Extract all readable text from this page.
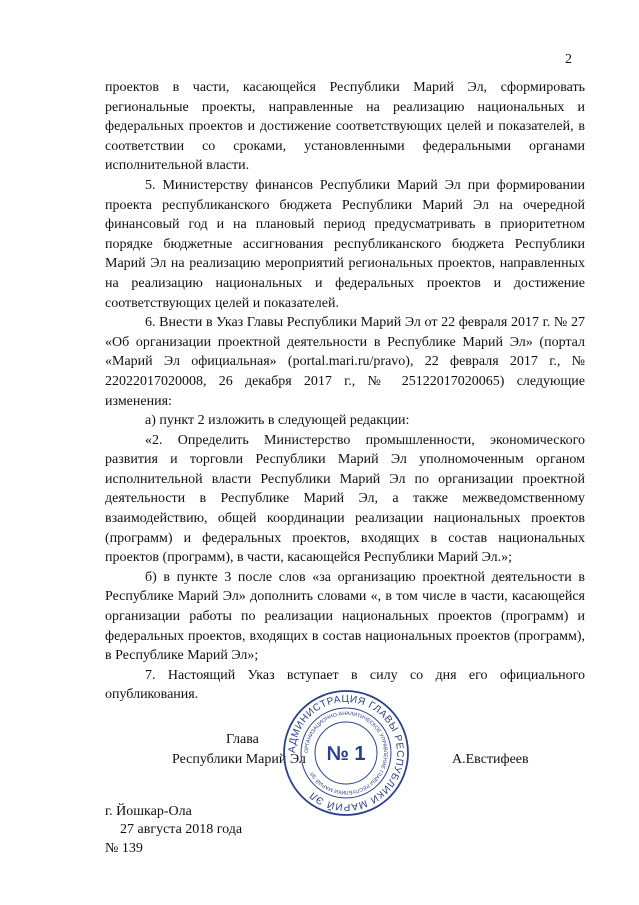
2

проектов в части, касающейся Республики Марий Эл, сформировать региональные проекты, направленные на реализацию национальных и федеральных проектов и достижение соответствующих целей и показателей, в соответствии со сроками, установленными федеральными органами исполнительной власти.

5. Министерству финансов Республики Марий Эл при формировании проекта республиканского бюджета Республики Марий Эл на очередной финансовый год и на плановый период предусматривать в приоритетном порядке бюджетные ассигнования республиканского бюджета Республики Марий Эл на реализацию мероприятий региональных проектов, направленных на реализацию национальных и федеральных проектов и достижение соответствующих целей и показателей.

6. Внести в Указ Главы Республики Марий Эл от 22 февраля 2017 г. № 27 «Об организации проектной деятельности в Республике Марий Эл» (портал «Марий Эл официальная» (portal.mari.ru/pravo), 22 февраля 2017 г., № 22022017020008, 26 декабря 2017 г., № 25122017020065) следующие изменения:

а) пункт 2 изложить в следующей редакции:

«2. Определить Министерство промышленности, экономического развития и торговли Республики Марий Эл уполномоченным органом исполнительной власти Республики Марий Эл по организации проектной деятельности в Республике Марий Эл, а также межведомственному взаимодействию, общей координации реализации национальных проектов (программ) и федеральных проектов, входящих в состав национальных проектов (программ), в части, касающейся Республики Марий Эл.»;

б) в пункте 3 после слов «за организацию проектной деятельности в Республике Марий Эл» дополнить словами «, в том числе в части, касающейся организации работы по реализации национальных проектов (программ) и федеральных проектов, входящих в состав национальных проектов (программ), в Республике Марий Эл»;

7. Настоящий Указ вступает в силу со дня его официального опубликования.

Глава
Республики Марий Эл
АДМИНИСТРАЦИЯ ГЛАВЫ РЕСПУБЛИКИ МАРИЙ ЭЛ
ОРГАНИЗАЦИОННО-АНАЛИТИЧЕСКОЕ УПРАВЛЕНИЕ ГЛАВЫ РЕСПУБЛИКИ МАРИЙ ЭЛ
№ 1	А.Евстифеев
г. Йошкар-Ола
27 августа 2018 года
№ 139
